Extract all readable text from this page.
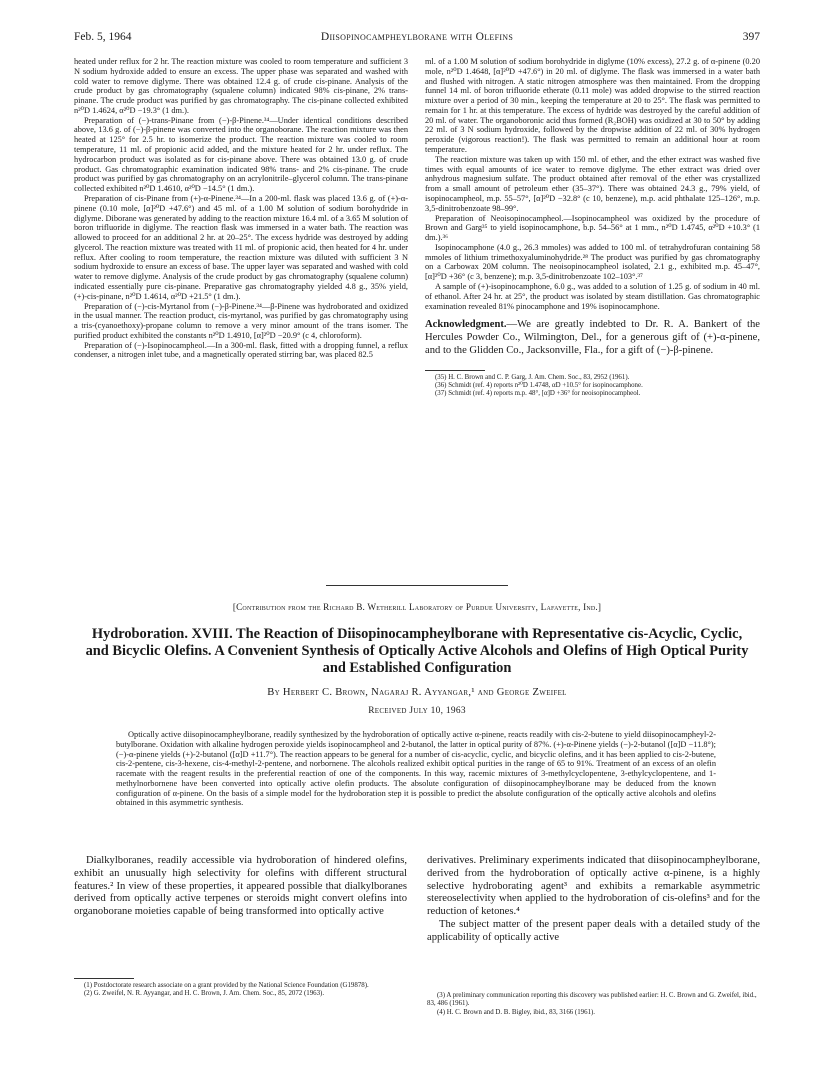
Feb. 5, 1964	Diisopinocampheylborane with Olefins	397

heated under reflux for 2 hr. The reaction mixture was cooled to room temperature and sufficient 3 N sodium hydroxide added to ensure an excess. The upper phase was separated and washed with cold water to remove diglyme. There was obtained 12.4 g. of crude cis-pinane. Analysis of the crude product by gas chromatography (squalene column) indicated 98% cis-pinane, 2% trans-pinane. The crude product was purified by gas chromatography. The cis-pinane collected exhibited n²⁰D 1.4624, α²⁰D −19.3° (1 dm.).

Preparation of (−)-trans-Pinane from (−)-β-Pinene.³⁴—Under identical conditions described above, 13.6 g. of (−)-β-pinene was converted into the organoborane. The reaction mixture was then heated at 125° for 2.5 hr. to isomerize the product. The reaction mixture was cooled to room temperature, 11 ml. of propionic acid added, and the mixture heated for 2 hr. under reflux. The hydrocarbon product was isolated as for cis-pinane above. There was obtained 13.0 g. of crude product. Gas chromatographic examination indicated 98% trans- and 2% cis-pinane. The crude product was purified by gas chromatography on an acrylonitrile–glycerol column. The trans-pinane collected exhibited n²⁰D 1.4610, α²⁰D −14.5° (1 dm.).

Preparation of cis-Pinane from (+)-α-Pinene.³⁴—In a 200-ml. flask was placed 13.6 g. of (+)-α-pinene (0.10 mole, [α]²⁰D +47.6°) and 45 ml. of a 1.00 M solution of sodium borohydride in diglyme. Diborane was generated by adding to the reaction mixture 16.4 ml. of a 3.65 M solution of boron trifluoride in diglyme. The reaction flask was immersed in a water bath. The reaction was allowed to proceed for an additional 2 hr. at 20–25°. The excess hydride was destroyed by adding glycerol. The reaction mixture was treated with 11 ml. of propionic acid, then heated for 4 hr. under reflux. After cooling to room temperature, the reaction mixture was diluted with sufficient 3 N sodium hydroxide to ensure an excess of base. The upper layer was separated and washed with cold water to remove diglyme. Analysis of the crude product by gas chromatography (squalene column) indicated essentially pure cis-pinane. Preparative gas chromatography yielded 4.8 g., 35% yield, (+)-cis-pinane, n²⁰D 1.4614, α²⁰D +21.5° (1 dm.).

Preparation of (−)-cis-Myrtanol from (−)-β-Pinene.³⁴—β-Pinene was hydroborated and oxidized in the usual manner. The reaction product, cis-myrtanol, was purified by gas chromatography using a tris-(cyanoethoxy)-propane column to remove a very minor amount of the trans isomer. The purified product exhibited the constants n²⁰D 1.4910, [α]²⁰D −20.9° (c 4, chloroform).

Preparation of (−)-Isopinocampheol.—In a 300-ml. flask, fitted with a dropping funnel, a reflux condenser, a nitrogen inlet tube, and a magnetically operated stirring bar, was placed 82.5

ml. of a 1.00 M solution of sodium borohydride in diglyme (10% excess), 27.2 g. of α-pinene (0.20 mole, n²⁰D 1.4648, [α]²⁰D +47.6°) in 20 ml. of diglyme. The flask was immersed in a water bath and flushed with nitrogen. A static nitrogen atmosphere was then maintained. From the dropping funnel 14 ml. of boron trifluoride etherate (0.11 mole) was added dropwise to the stirred reaction mixture over a period of 30 min., keeping the temperature at 20 to 25°. The flask was permitted to remain for 1 hr. at this temperature. The excess of hydride was destroyed by the careful addition of 20 ml. of water. The organoboronic acid thus formed (R₂BOH) was oxidized at 30 to 50° by adding 22 ml. of 3 N sodium hydroxide, followed by the dropwise addition of 22 ml. of 30% hydrogen peroxide (vigorous reaction!). The flask was permitted to remain an additional hour at room temperature.

The reaction mixture was taken up with 150 ml. of ether, and the ether extract was washed five times with equal amounts of ice water to remove diglyme. The ether extract was dried over anhydrous magnesium sulfate. The product obtained after removal of the ether was crystallized from a small amount of petroleum ether (35–37°). There was obtained 24.3 g., 79% yield, of isopinocampheol, m.p. 55–57°, [α]²⁰D −32.8° (c 10, benzene), m.p. acid phthalate 125–126°, m.p. 3,5-dinitrobenzoate 98–99°.

Preparation of Neoisopinocampheol.—Isopinocampheol was oxidized by the procedure of Brown and Garg³⁵ to yield isopinocamphone, b.p. 54–56° at 1 mm., n²⁰D 1.4745, α²⁰D +10.3° (1 dm.).³⁶

Isopinocamphone (4.0 g., 26.3 mmoles) was added to 100 ml. of tetrahydrofuran containing 58 mmoles of lithium trimethoxyaluminohydride.²⁸ The product was purified by gas chromatography on a Carbowax 20M column. The neoisopinocampheol isolated, 2.1 g., exhibited m.p. 45–47°, [α]²⁰D +36° (c 3, benzene); m.p. 3,5-dinitrobenzoate 102–103°.³⁷

A sample of (+)-isopinocamphone, 6.0 g., was added to a solution of 1.25 g. of sodium in 40 ml. of ethanol. After 24 hr. at 25°, the product was isolated by steam distillation. Gas chromatographic examination revealed 81% pinocamphone and 19% isopinocamphone.

Acknowledgment.—We are greatly indebted to Dr. R. A. Bankert of the Hercules Powder Co., Wilmington, Del., for a generous gift of (+)-α-pinene, and to the Glidden Co., Jacksonville, Fla., for a gift of (−)-β-pinene.

(35) H. C. Brown and C. P. Garg, J. Am. Chem. Soc., 83, 2952 (1961).

(36) Schmidt (ref. 4) reports n²⁰D 1.4748, αD +10.5° for isopinocamphone.

(37) Schmidt (ref. 4) reports m.p. 48°, [α]D +36° for neoisopinocampheol.

[Contribution from the Richard B. Wetherill Laboratory of Purdue University, Lafayette, Ind.]
Hydroboration. XVIII. The Reaction of Diisopinocampheylborane with Representative cis-Acyclic, Cyclic, and Bicyclic Olefins. A Convenient Synthesis of Optically Active Alcohols and Olefins of High Optical Purity and Established Configuration
By Herbert C. Brown, Nagaraj R. Ayyangar,¹ and George Zweifel
Received July 10, 1963

Optically active diisopinocampheylborane, readily synthesized by the hydroboration of optically active α-pinene, reacts readily with cis-2-butene to yield diisopinocampheyl-2-butylborane. Oxidation with alkaline hydrogen peroxide yields isopinocampheol and 2-butanol, the latter in optical purity of 87%. (+)-α-Pinene yields (−)-2-butanol ([α]D −11.8°); (−)-α-pinene yields (+)-2-butanol ([α]D +11.7°). The reaction appears to be general for a number of cis-acyclic, cyclic, and bicyclic olefins, and it has been applied to cis-2-butene, cis-2-pentene, cis-3-hexene, cis-4-methyl-2-pentene, and norbornene. The alcohols realized exhibit optical purities in the range of 65 to 91%. Treatment of an excess of an olefin racemate with the reagent results in the preferential reaction of one of the components. In this way, racemic mixtures of 3-methylcyclopentene, 3-ethylcyclopentene, and 1-methylnorbornene have been converted into optically active olefin products. The absolute configuration of diisopinocampheylborane may be deduced from the known configuration of α-pinene. On the basis of a simple model for the hydroboration step it is possible to predict the absolute configuration of the optically active alcohols and olefins obtained in this asymmetric synthesis.

Dialkylboranes, readily accessible via hydroboration of hindered olefins, exhibit an unusually high selectivity for olefins with different structural features.² In view of these properties, it appeared possible that dialkylboranes derived from optically active terpenes or steroids might convert olefins into organoborane moieties capable of being transformed into optically active

derivatives. Preliminary experiments indicated that diisopinocampheylborane, derived from the hydroboration of optically active α-pinene, is a highly selective hydroborating agent³ and exhibits a remarkable asymmetric stereoselectivity when applied to the hydroboration of cis-olefins³ and for the reduction of ketones.⁴

The subject matter of the present paper deals with a detailed study of the applicability of optically active

(1) Postdoctorate research associate on a grant provided by the National Science Foundation (G19878).

(2) G. Zweifel, N. R. Ayyangar, and H. C. Brown, J. Am. Chem. Soc., 85, 2072 (1963).	(3) A preliminary communication reporting this discovery was published earlier: H. C. Brown and G. Zweifel, ibid., 83, 486 (1961).

(4) H. C. Brown and D. B. Bigley, ibid., 83, 3166 (1961).
